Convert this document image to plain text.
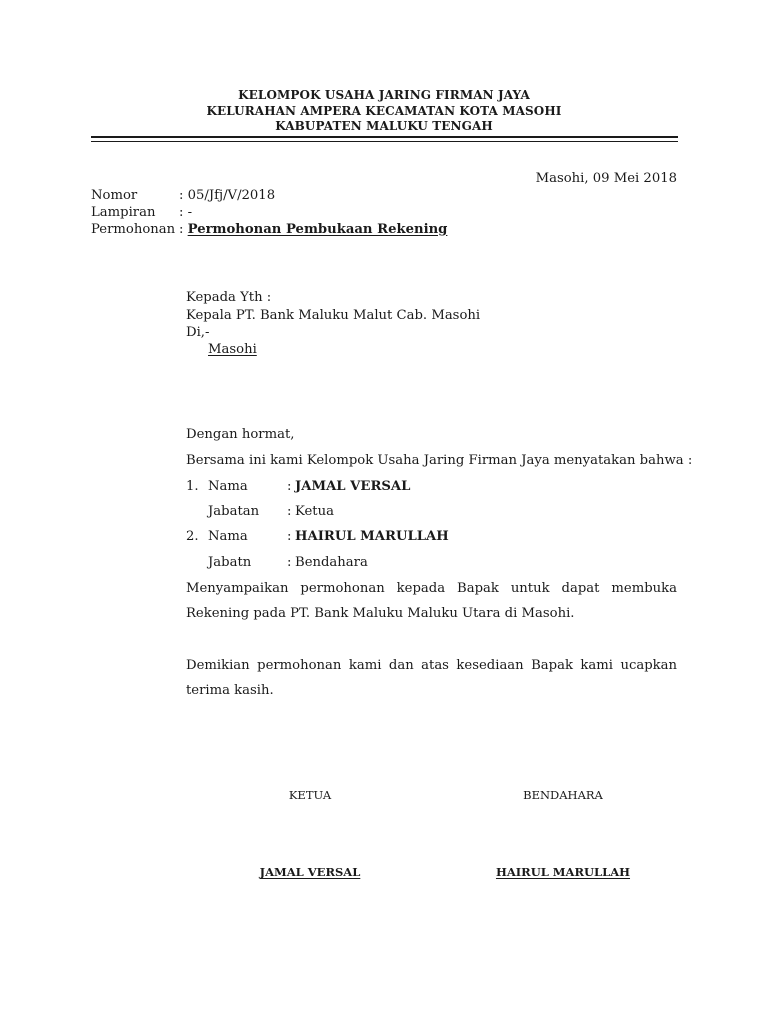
KELOMPOK USAHA JARING FIRMAN JAYA
KELURAHAN AMPERA KECAMATAN KOTA MASOHI
KABUPATEN MALUKU TENGAH
Masohi, 09 Mei 2018
Nomor	: 05/Jfj/V/2018
Lampiran : -
Permohonan : Permohonan Pembukaan Rekening
Kepada Yth :
Kepala PT. Bank Maluku Malut Cab. Masohi
Di,-
Masohi
Dengan hormat,
Bersama ini kami Kelompok Usaha Jaring Firman Jaya menyatakan bahwa :
1. Nama	: JAMAL VERSAL
Jabatan : Ketua
2. Nama	: HAIRUL MARULLAH
Jabatn	: Bendahara
Menyampaikan permohonan kepada Bapak untuk dapat membuka
Rekening pada PT. Bank Maluku Maluku Utara di Masohi.
Demikian permohonan kami dan atas kesediaan Bapak kami ucapkan
terima kasih.
KETUA	BENDAHARA
JAMAL VERSAL	HAIRUL MARULLAH
